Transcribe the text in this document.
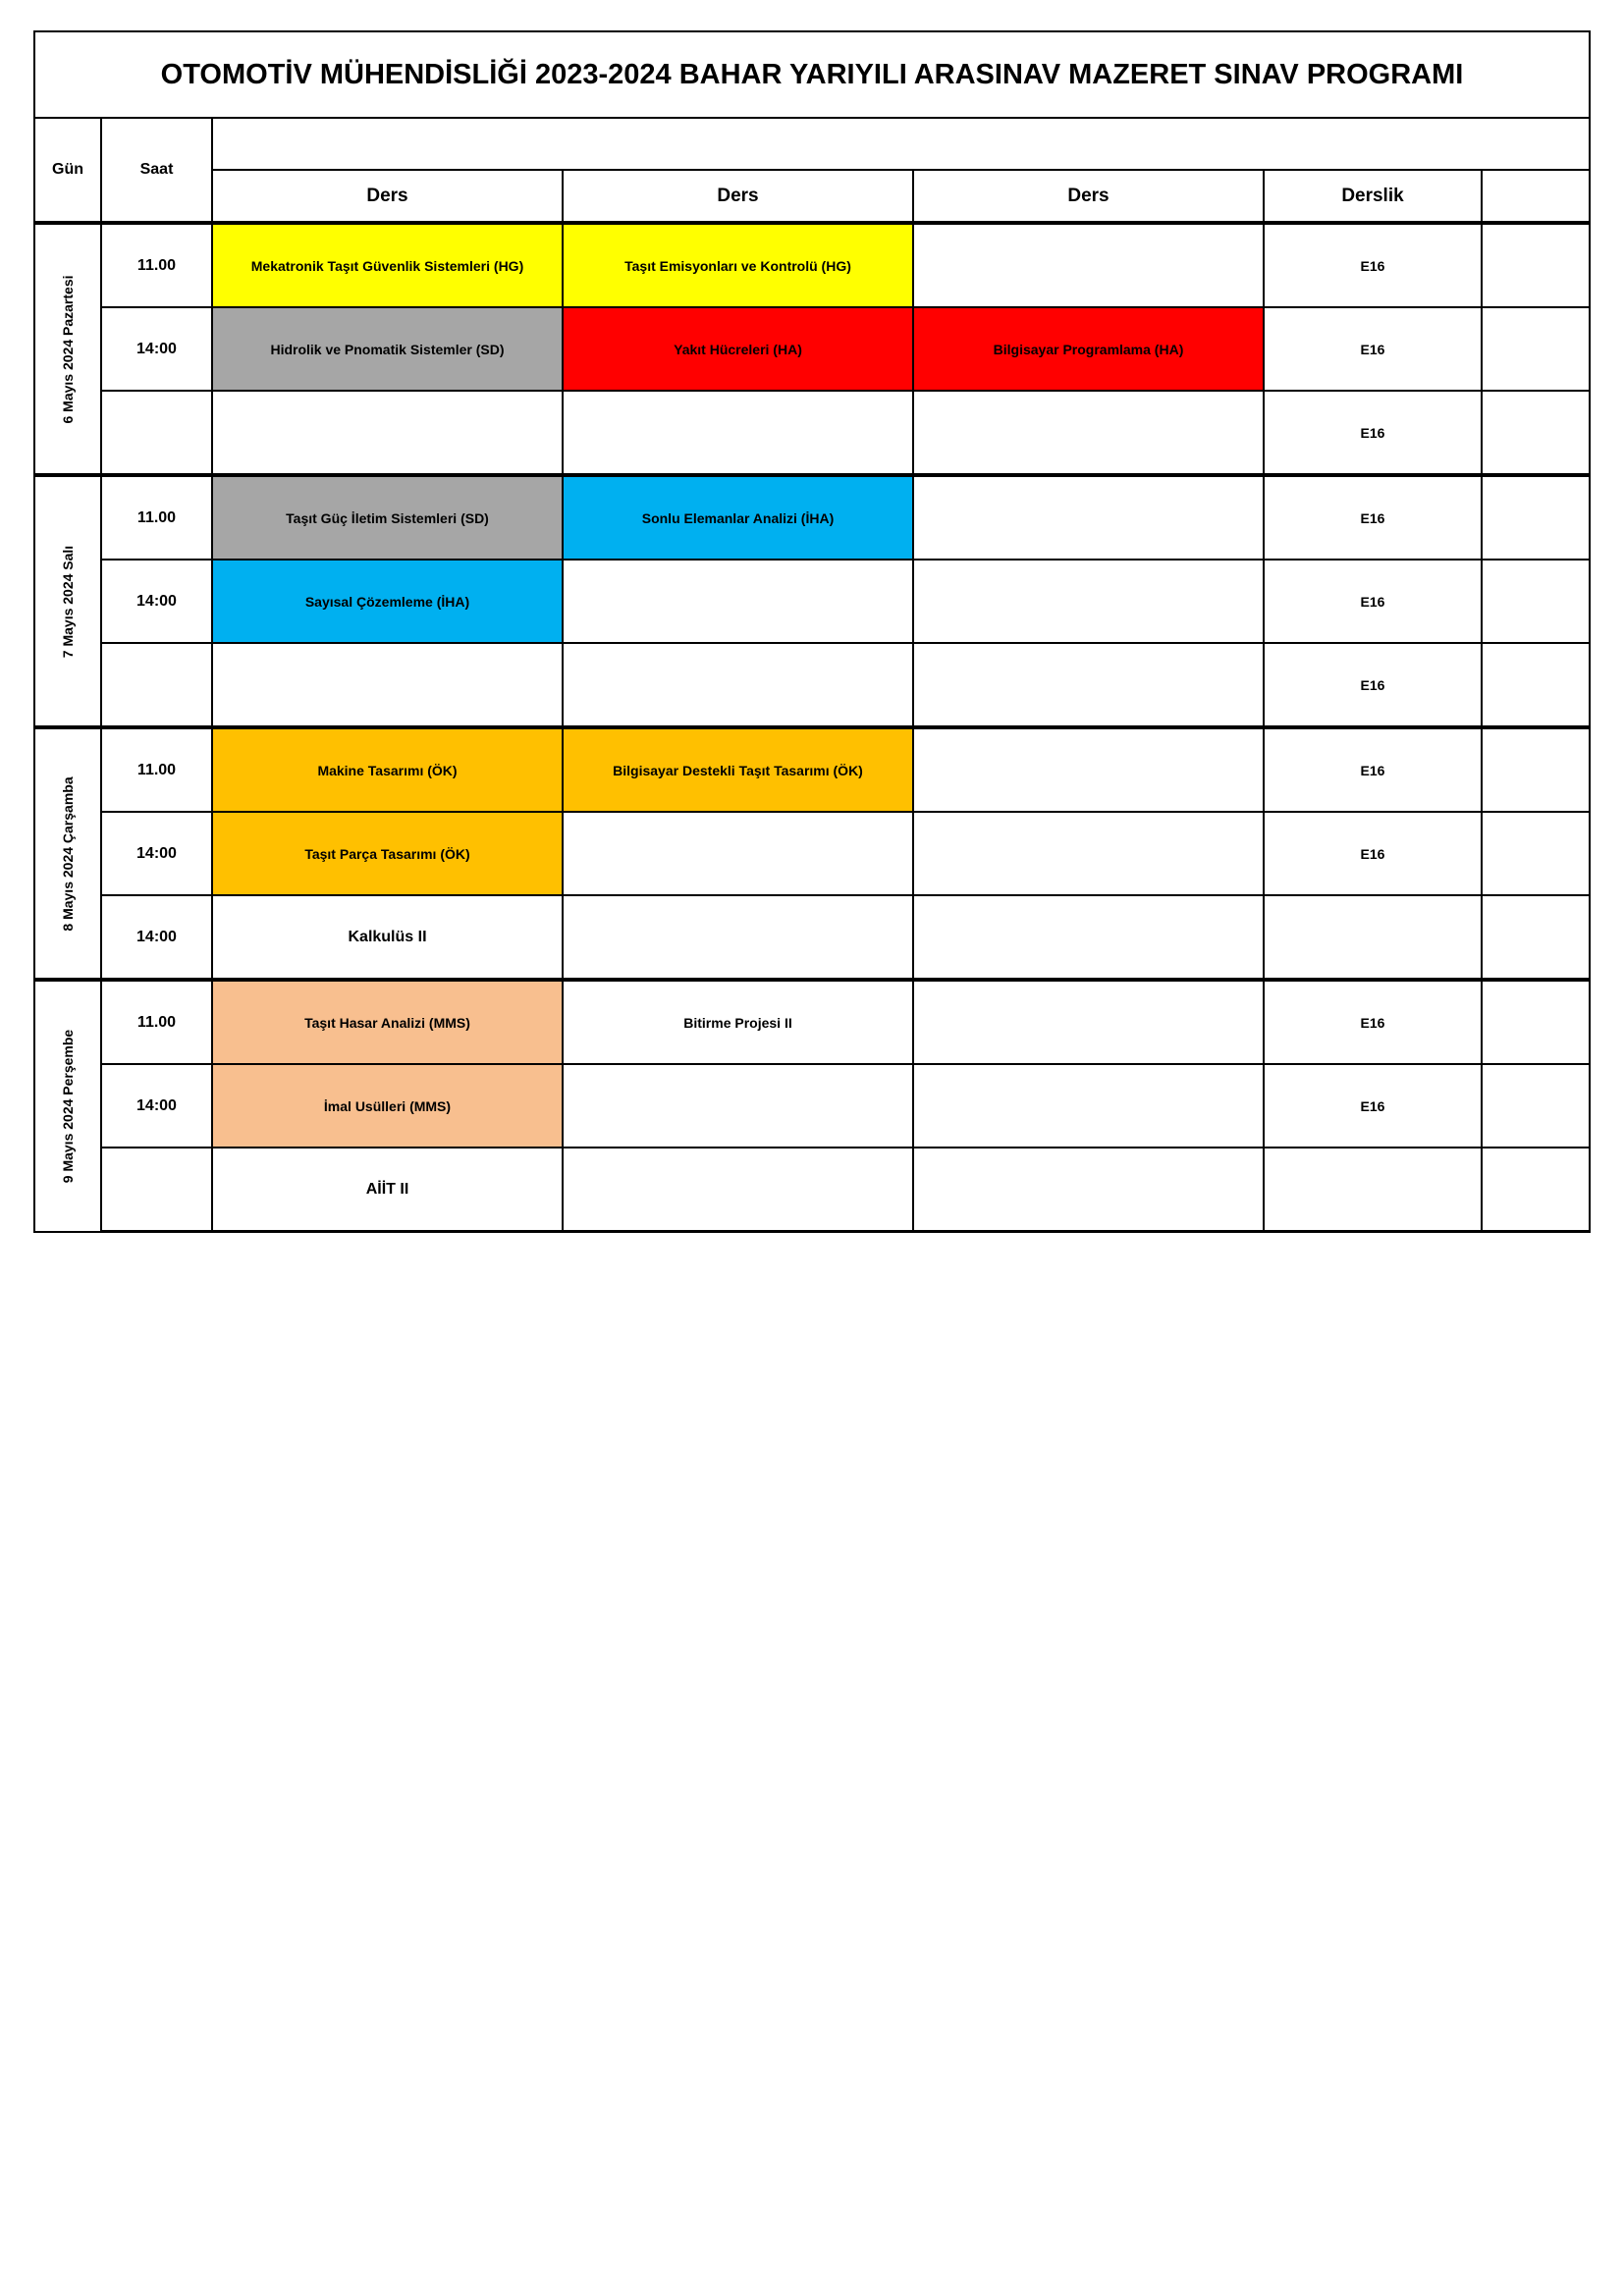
OTOMOTİV MÜHENDİSLİĞİ 2023-2024 BAHAR YARIYILI ARASINAV MAZERET SINAV PROGRAMI						
Gün	Saat					
		Ders	Ders	Ders	Derslik	

6 Mayıs 2024 Pazartesi	11.00	Mekatronik Taşıt Güvenlik Sistemleri (HG)	Taşıt Emisyonları ve Kontrolü (HG)		E16	
	14:00	Hidrolik ve Pnomatik Sistemler (SD)	Yakıt Hücreleri (HA)	Bilgisayar Programlama (HA)	E16	
					E16	

7 Mayıs 2024 Salı	11.00	Taşıt Güç İletim Sistemleri (SD)	Sonlu Elemanlar Analizi (İHA)		E16	
	14:00	Sayısal Çözemleme (İHA)			E16	
					E16	

8 Mayıs 2024 Çarşamba	11.00	Makine Tasarımı (ÖK)	Bilgisayar Destekli Taşıt Tasarımı (ÖK)		E16	
	14:00	Taşıt Parça Tasarımı (ÖK)			E16	
	14:00	Kalkulüs II				

9 Mayıs 2024 Perşembe	11.00	Taşıt Hasar Analizi (MMS)	Bitirme Projesi II		E16	
	14:00	İmal Usülleri (MMS)			E16	
		AİİT II				
